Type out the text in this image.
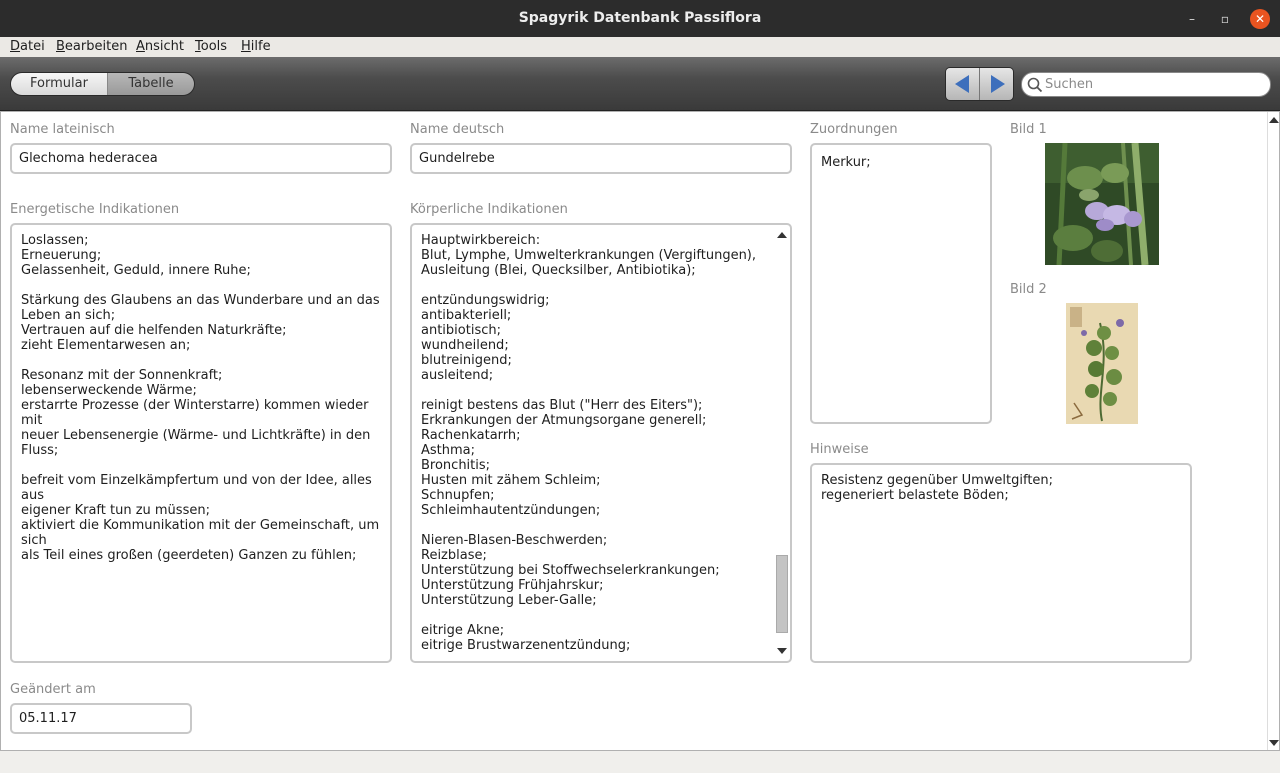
Spagyrik Datenbank Passiflora	–	▫	✕
Datei Bearbeiten Ansicht Tools Hilfe
Formular	Tabelle
Suchen
Name lateinisch
Glechoma hederacea
Name deutsch
Gundelrebe
Zuordnungen
Merkur;
Bild 1
Bild 2
Energetische Indikationen
Loslassen;
Erneuerung;
Gelassenheit, Geduld, innere Ruhe;

Stärkung des Glaubens an das Wunderbare und an das
Leben an sich;
Vertrauen auf die helfenden Naturkräfte;
zieht Elementarwesen an;

Resonanz mit der Sonnenkraft;
lebenserweckende Wärme;
erstarrte Prozesse (der Winterstarre) kommen wieder mit
neuer Lebensenergie (Wärme- und Lichtkräfte) in den
Fluss;

befreit vom Einzelkämpfertum und von der Idee, alles aus
eigener Kraft tun zu müssen;
aktiviert die Kommunikation mit der Gemeinschaft, um sich
als Teil eines großen (geerdeten) Ganzen zu fühlen;
Körperliche Indikationen
Hauptwirkbereich:
Blut, Lymphe, Umwelterkrankungen (Vergiftungen),
Ausleitung (Blei, Quecksilber, Antibiotika);

entzündungswidrig;
antibakteriell;
antibiotisch;
wundheilend;
blutreinigend;
ausleitend;

reinigt bestens das Blut ("Herr des Eiters");
Erkrankungen der Atmungsorgane generell;
Rachenkatarrh;
Asthma;
Bronchitis;
Husten mit zähem Schleim;
Schnupfen;
Schleimhautentzündungen;

Nieren-Blasen-Beschwerden;
Reizblase;
Unterstützung bei Stoffwechselerkrankungen;
Unterstützung Frühjahrskur;
Unterstützung Leber-Galle;

eitrige Akne;
eitrige Brustwarzenentzündung;
Hinweise
Resistenz gegenüber Umweltgiften;
regeneriert belastete Böden;
Geändert am
05.11.17
